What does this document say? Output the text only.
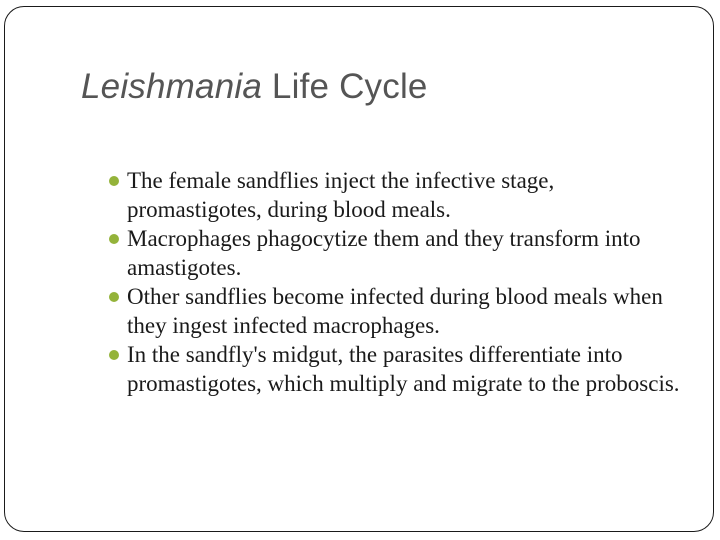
Leishmania Life Cycle
The female sandflies inject the infective stage, promastigotes, during blood meals.
Macrophages phagocytize them and they transform into amastigotes.
Other sandflies become infected during blood meals when they ingest infected macrophages.
In the sandfly's midgut, the parasites differentiate into promastigotes, which multiply and migrate to the proboscis.
